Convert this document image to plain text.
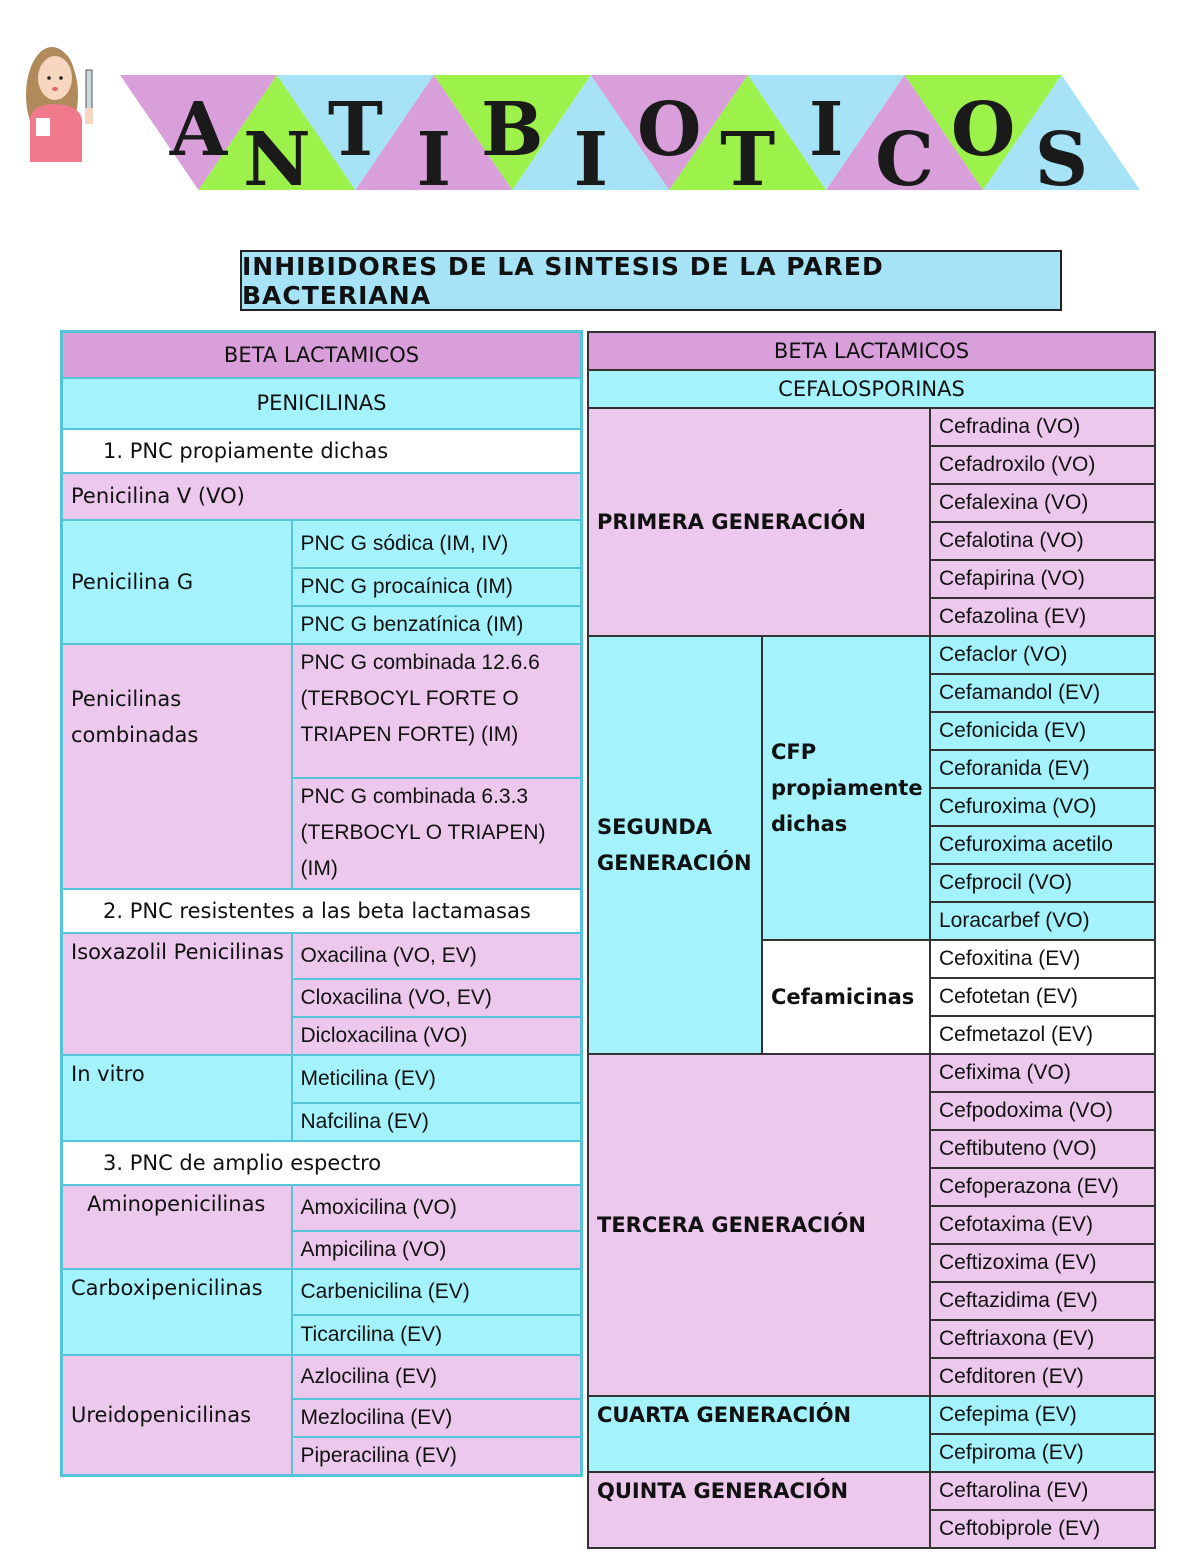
A N T I B I O T I C O S
INHIBIDORES DE LA SINTESIS DE LA PARED BACTERIANA
BETA LACTAMICOS	
PENICILINAS	
1. PNC propiamente dichas	
Penicilina V (VO)	
Penicilina G	PNC G sódica (IM, IV)
	PNC G procaínica (IM)
	PNC G benzatínica (IM)
Penicilinas combinadas	PNC G combinada 12.6.6 (TERBOCYL FORTE O TRIAPEN FORTE) (IM)
	PNC G combinada 6.3.3 (TERBOCYL O TRIAPEN) (IM)
2. PNC resistentes a las beta lactamasas	
Isoxazolil Penicilinas	Oxacilina (VO, EV)
	Cloxacilina (VO, EV)
	Dicloxacilina (VO)
In vitro	Meticilina (EV)
	Nafcilina (EV)
3. PNC de amplio espectro	
Aminopenicilinas	Amoxicilina (VO)
	Ampicilina (VO)
Carboxipenicilinas	Carbenicilina (EV)
	Ticarcilina (EV)
Ureidopenicilinas	Azlocilina (EV)
	Mezlocilina (EV)
	Piperacilina (EV)
BETA LACTAMICOS		
CEFALOSPORINAS		
PRIMERA GENERACIÓN		Cefradina (VO)
		Cefadroxilo (VO)
		Cefalexina (VO)
		Cefalotina (VO)
		Cefapirina (VO)
		Cefazolina (EV)
SEGUNDA GENERACIÓN	CFP propiamente dichas	Cefaclor (VO)
		Cefamandol (EV)
		Cefonicida (EV)
		Ceforanida (EV)
		Cefuroxima (VO)
		Cefuroxima acetilo
		Cefprocil (VO)
		Loracarbef (VO)
	Cefamicinas	Cefoxitina (EV)
		Cefotetan (EV)
		Cefmetazol (EV)
TERCERA GENERACIÓN		Cefixima (VO)
		Cefpodoxima (VO)
		Ceftibuteno (VO)
		Cefoperazona (EV)
		Cefotaxima (EV)
		Ceftizoxima (EV)
		Ceftazidima (EV)
		Ceftriaxona (EV)
		Cefditoren (EV)
CUARTA GENERACIÓN		Cefepima (EV)
		Cefpiroma (EV)
QUINTA GENERACIÓN		Ceftarolina (EV)
		Ceftobiprole (EV)
